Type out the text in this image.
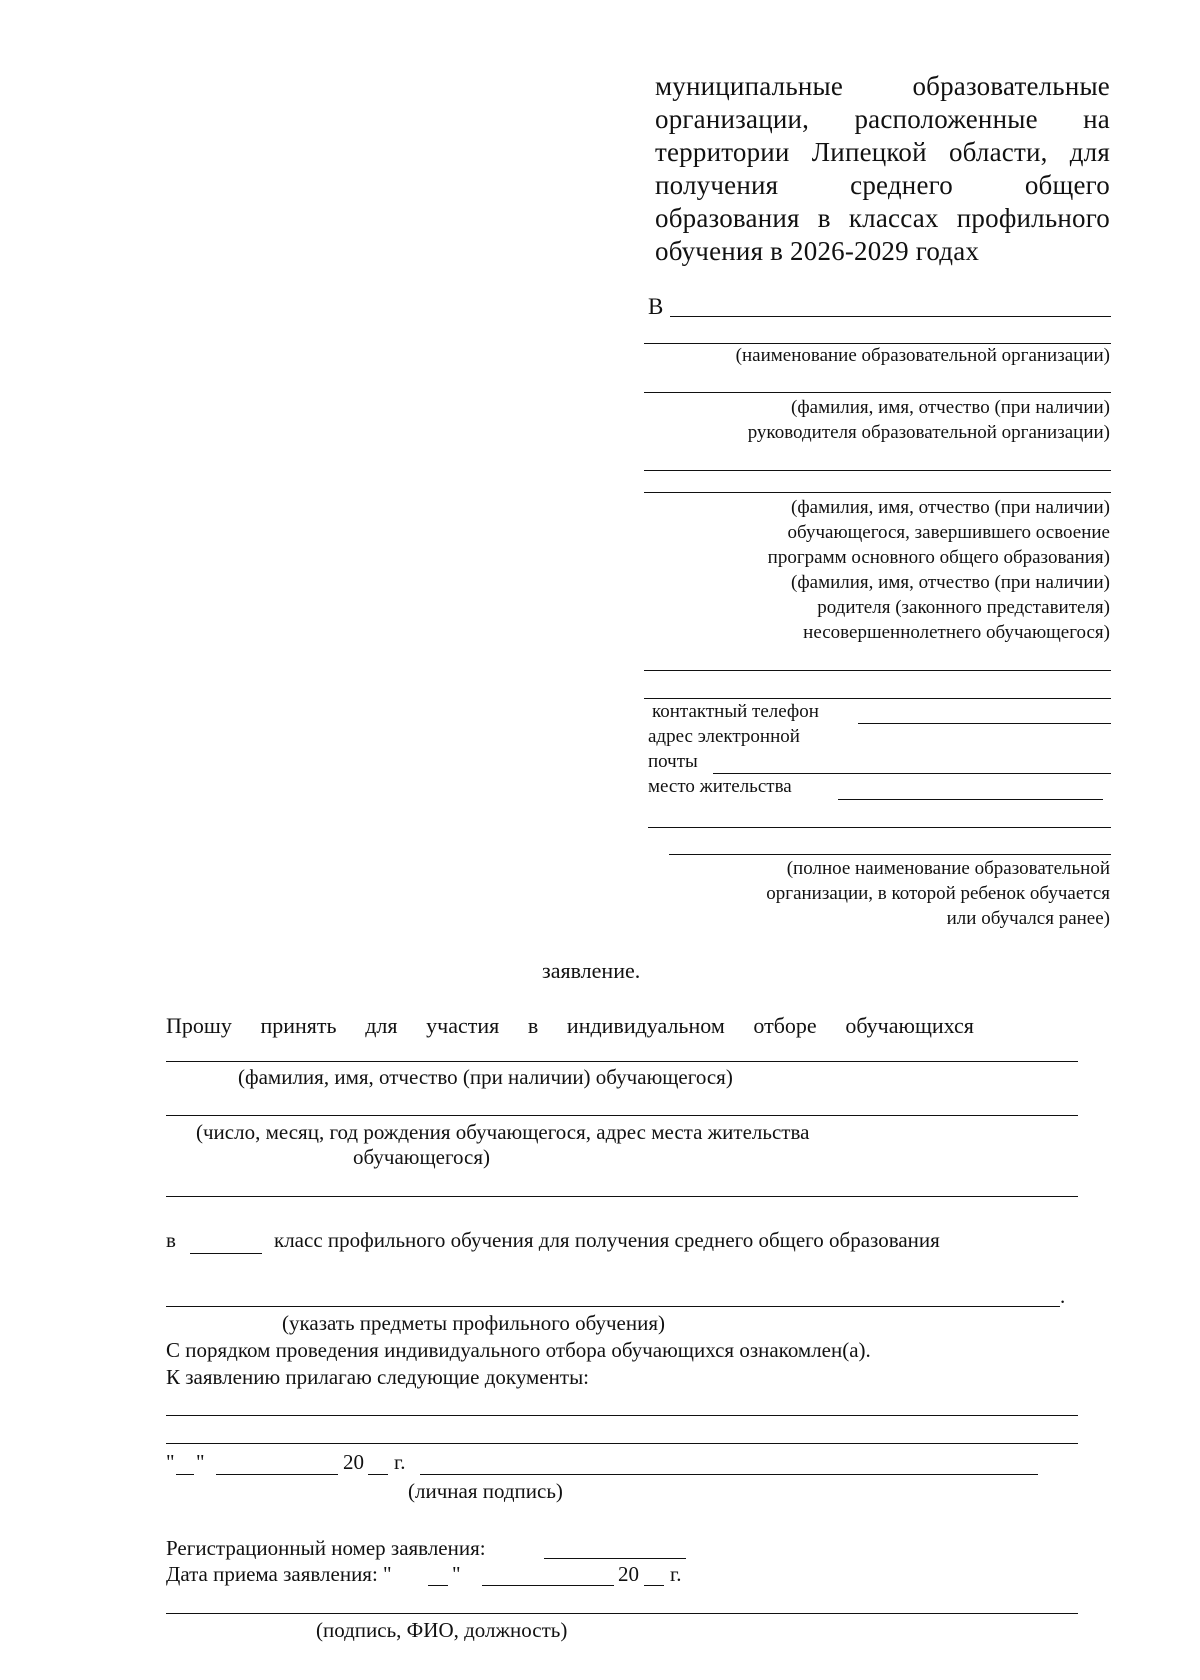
муниципальные	образовательные
организации, расположенные на
территории Липецкой области, для
получения	среднего	общего
образования в классах профильного
обучения в 2026-2029 годах
В
(наименование образовательной организации)
(фамилия, имя, отчество (при наличии)
руководителя образовательной организации)
(фамилия, имя, отчество (при наличии)
обучающегося, завершившего освоение
программ основного общего образования)
(фамилия, имя, отчество (при наличии)
родителя (законного представителя)
несовершеннолетнего обучающегося)
контактный телефон
адрес электронной
почты
место жительства
(полное наименование образовательной
организации, в которой ребенок обучается
или обучался ранее)
заявление.
Прошу принять для участия в индивидуальном отборе обучающихся
(фамилия, имя, отчество (при наличии) обучающегося)
(число, месяц, год рождения обучающегося, адрес места жительства
обучающегося)
в	класс профильного обучения для получения среднего общего образования
.
(указать предметы профильного обучения)
С порядком проведения индивидуального отбора обучающихся ознакомлен(а).
К заявлению прилагаю следующие документы:
" "	20 г.
(личная подпись)
Регистрационный номер заявления:
Дата приема заявления: "	"	20 г.
(подпись, ФИО, должность)
